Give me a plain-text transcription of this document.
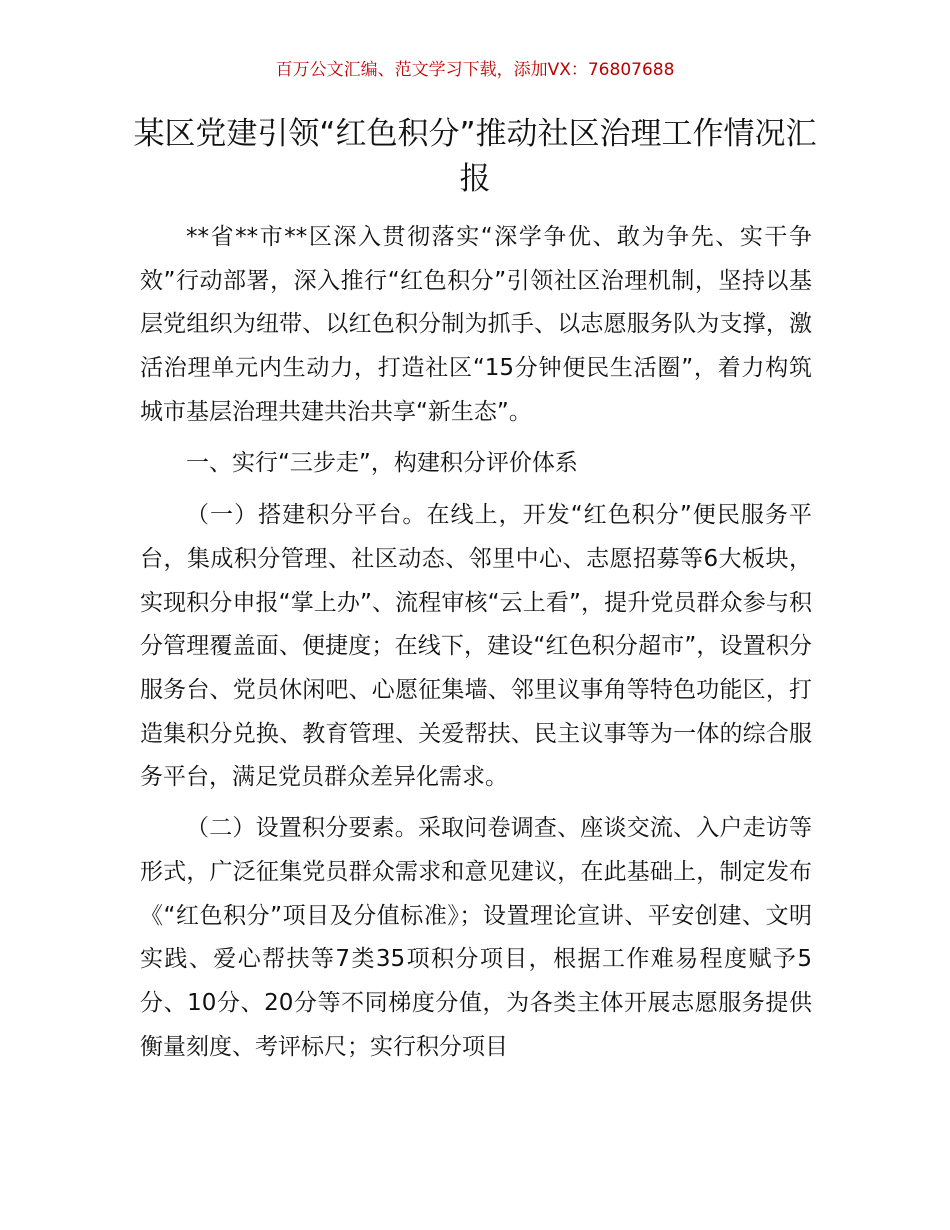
百万公文汇编、范文学习下载，添加VX：76807688
某区党建引领“红色积分”推动社区治理工作情况汇报

**省**市**区深入贯彻落实“深学争优、敢为争先、实干争效”行动部署，深入推行“红色积分”引领社区治理机制，坚持以基层党组织为纽带、以红色积分制为抓手、以志愿服务队为支撑，激活治理单元内生动力，打造社区“15分钟便民生活圈”，着力构筑城市基层治理共建共治共享“新生态”。

一、实行“三步走”，构建积分评价体系

（一）搭建积分平台。在线上，开发“红色积分”便民服务平台，集成积分管理、社区动态、邻里中心、志愿招募等6大板块，实现积分申报“掌上办”、流程审核“云上看”，提升党员群众参与积分管理覆盖面、便捷度；在线下，建设“红色积分超市”，设置积分服务台、党员休闲吧、心愿征集墙、邻里议事角等特色功能区，打造集积分兑换、教育管理、关爱帮扶、民主议事等为一体的综合服务平台，满足党员群众差异化需求。

（二）设置积分要素。采取问卷调查、座谈交流、入户走访等形式，广泛征集党员群众需求和意见建议，在此基础上，制定发布《“红色积分”项目及分值标准》；设置理论宣讲、平安创建、文明实践、爱心帮扶等7类35项积分项目，根据工作难易程度赋予5分、10分、20分等不同梯度分值，为各类主体开展志愿服务提供衡量刻度、考评标尺；实行积分项目
